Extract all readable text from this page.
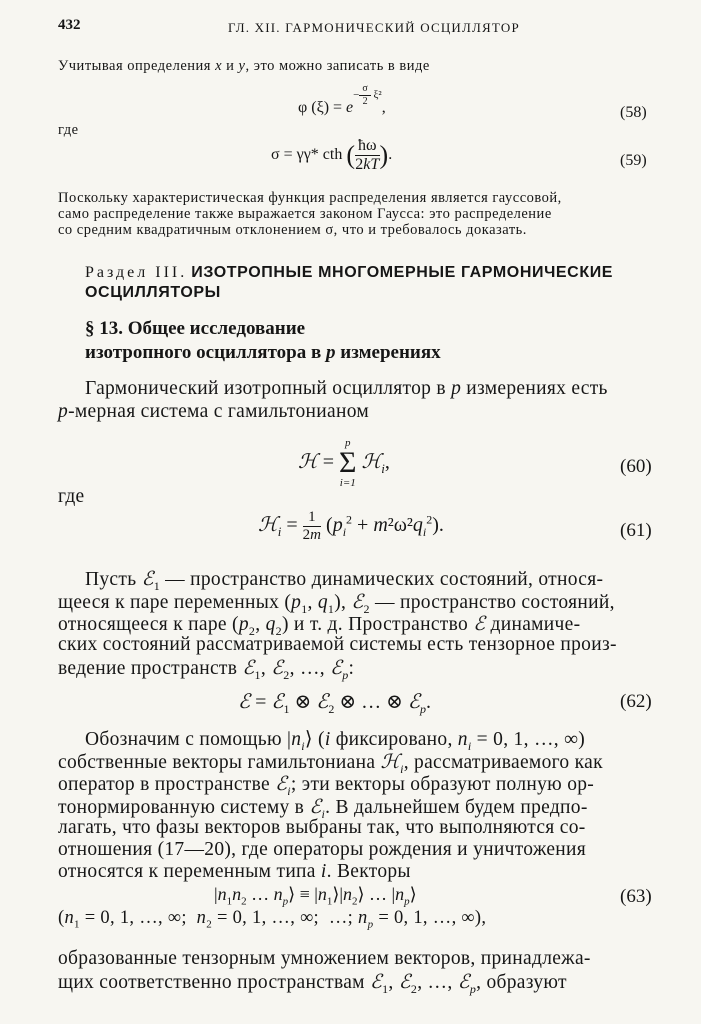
432	ГЛ. XII. ГАРМОНИЧЕСКИЙ ОСЦИЛЛЯТОР
Учитывая определения x и y, это можно записать в виде
φ $(\xi) = e^{- \frac{\sigma}{2} \xi^2}$,	(58)
где
σ = γγ* cth ( $\frac{ħ\omega}{2kT}$ ).	(59)
Поскольку характеристическая функция распределения является гауссовой,
само распределение также выражается законом Гаусса: это распределение
со средним квадратичным отклонением σ, что и требовалось доказать.
Раздел III. ИЗОТРОПНЫЕ МНОГОМЕРНЫЕ ГАРМОНИЧЕСКИЕ
ОСЦИЛЛЯТОРЫ
§ 13. Общее исследование
изотропного осциллятора в p измерениях
Гармонический изотропный осциллятор в p измерениях есть
p-мерная система с гамильтонианом
ℋ =
p
Σ
i=1
ℋ$_i$,	(60)
где
ℋ$_i$ = $\frac{1}{2m} (p_i^2 + m^2\omega^2q_i^2)$.	(61)
Пусть ℰ$_1$ — пространство динамических состояний, относя-
щееся к паре переменных ($p_1$, $q_1$), ℰ$_2$ — пространство состояний,
относящееся к паре ($p_2$, $q_2$) и т. д. Пространство ℰ динамиче-
ских состояний рассматриваемой системы есть тензорное произ-
ведение пространств ℰ$_1$, ℰ$_2$, …, ℰ$_p$:
ℰ = ℰ$_1$ ⊗ ℰ$_2$ ⊗ … ⊗ ℰ$_p$.	(62)
Обозначим с помощью $|n_i⟩$ (i фиксировано, $n_i = 0$, 1, …, ∞)
собственные векторы гамильтониана ℋ$_i$, рассматриваемого как
оператор в пространстве ℰ$_i$; эти векторы образуют полную ор-
тонормированную систему в ℰ$_i$. В дальнейшем будем предпо-
лагать, что фазы векторов выбраны так, что выполняются со-
отношения (17—20), где операторы рождения и уничтожения
относятся к переменным типа i. Векторы
$|n_1n_2$ … $n_p⟩$ ≡ $|n_1⟩|n_2⟩$ … $|n_p⟩$	(63)
($n_1 = 0$, 1, …, ∞;  $n_2 = 0$, 1, …, ∞;  …; $n_p = 0$, 1, …, ∞),
образованные тензорным умножением векторов, принадлежа-
щих соответственно пространствам ℰ$_1$, ℰ$_2$, …, ℰ$_p$, образуют
